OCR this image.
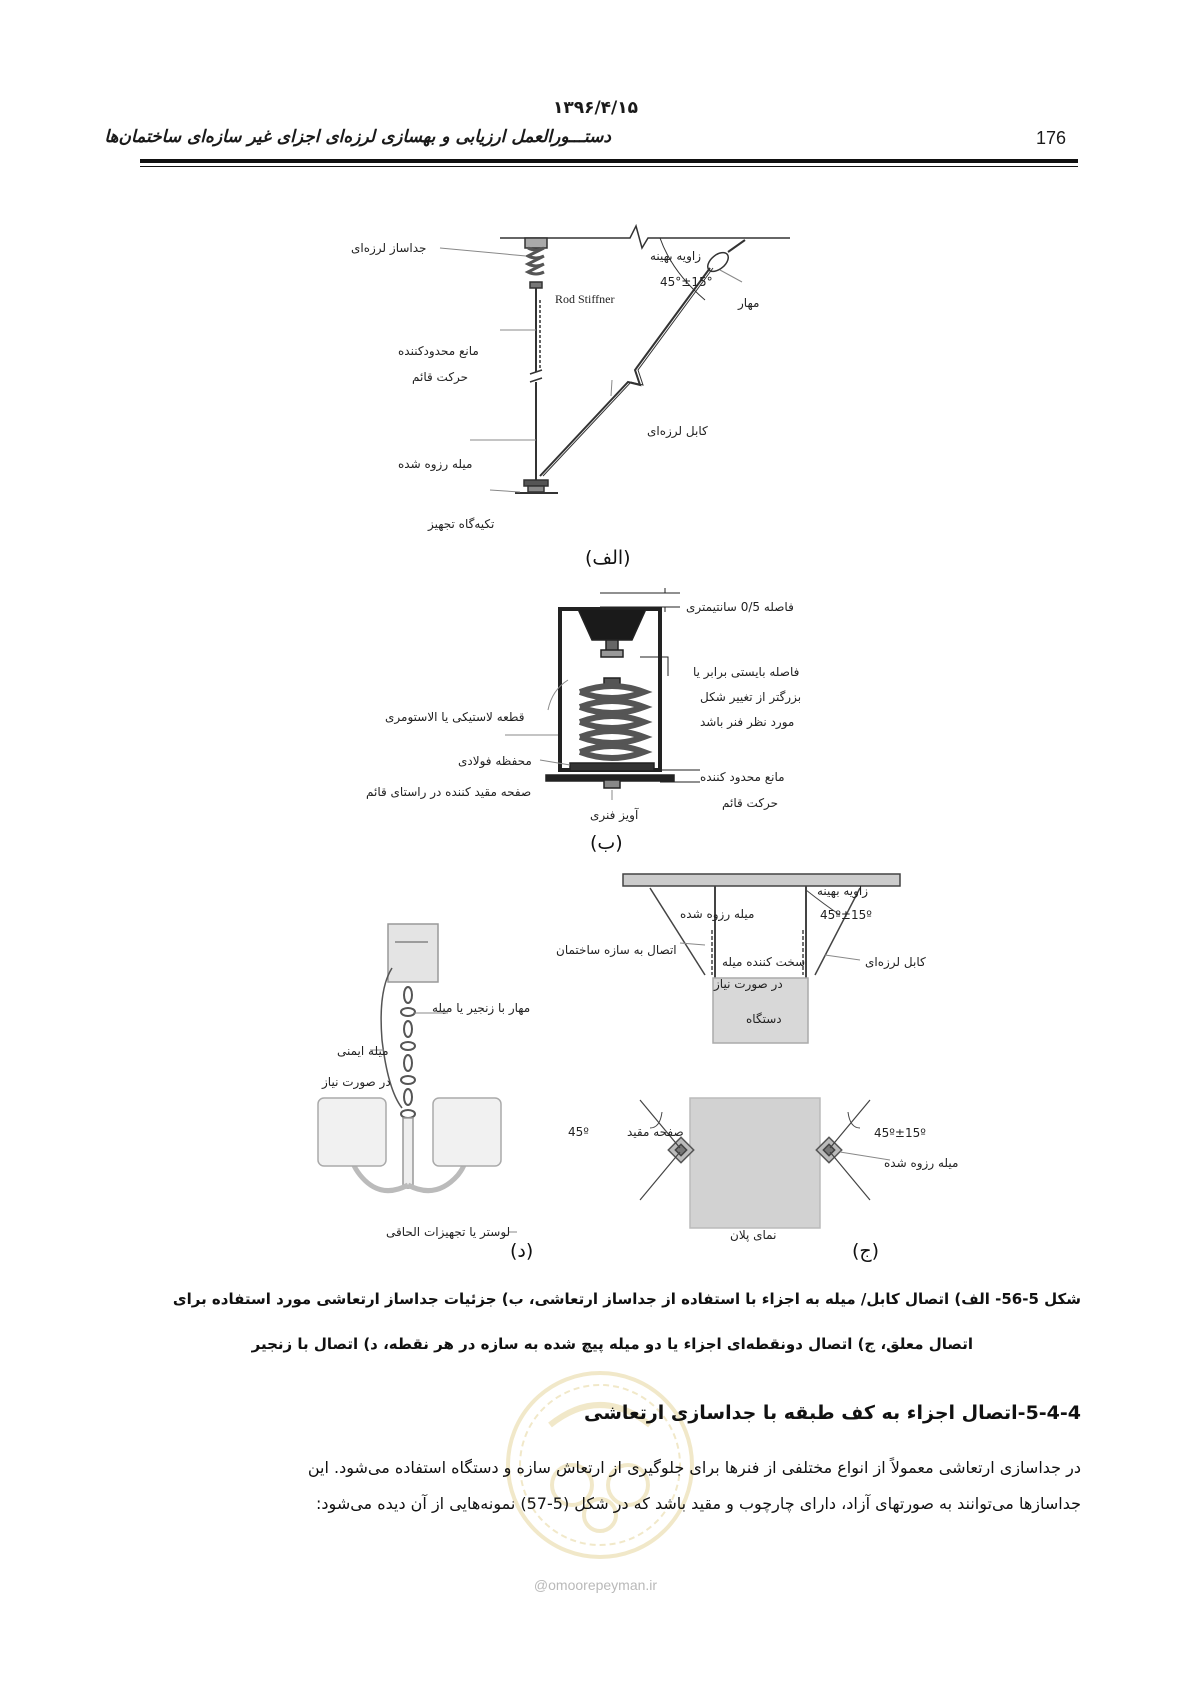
۱۳۹۶/۴/۱۵
دستـــورالعمل ارزیابی و بهسازی لرزه‌ای اجزای غیر سازه‌ای ساختمان‌ها	176
جداساز لرزه‌ای
Rod Stiffner
زاویه بهینه
45°±15°
مهار
مانع محدودکننده
حرکت قائم
کابل لرزه‌ای
میله رزوه شده
تکیه‌گاه تجهیز
(الف)
فاصله 0/5 سانتیمتری
فاصله بایستی برابر یا
بزرگتر از تغییر شکل
مورد نظر فنر باشد
قطعه لاستیکی یا الاستومری
محفظه فولادی
صفحه مقید کننده در راستای قائم
مانع محدود کننده
حرکت قائم
آویز فنری
(ب)
زاویه بهینه
45º±15º
میله رزوه شده
اتصال به سازه ساختمان
سخت کننده میله
در صورت نیاز
کابل لرزه‌ای
دستگاه
صفحه مقید
45º	45º±15º
میله رزوه شده
نمای پلان
(ج)
مهار با زنجیر یا میله
میله ایمنی
در صورت نیاز
لوستر یا تجهیزات الحاقی
(د)
شکل 5-56- الف) اتصال کابل/ میله به اجزاء با استفاده از جداساز ارتعاشی، ب) جزئیات جداساز ارتعاشی مورد استفاده برای
اتصال معلق، ج) اتصال دونقطه‌ای اجزاء یا دو میله پیچ شده به سازه در هر نقطه، د) اتصال با زنجیر
5-4-4-اتصال اجزاء به کف طبقه با جداسازی ارتعاشی
در جداسازی ارتعاشی معمولاً از انواع مختلفی از فنرها برای جلوگیری از ارتعاش سازه و دستگاه استفاده می‌شود. این
جداسازها می‌توانند به صورتهای آزاد، دارای چارچوب و مقید باشد که در شکل (5-57) نمونه‌هایی از آن دیده می‌شود:
@omoorepeyman.ir
